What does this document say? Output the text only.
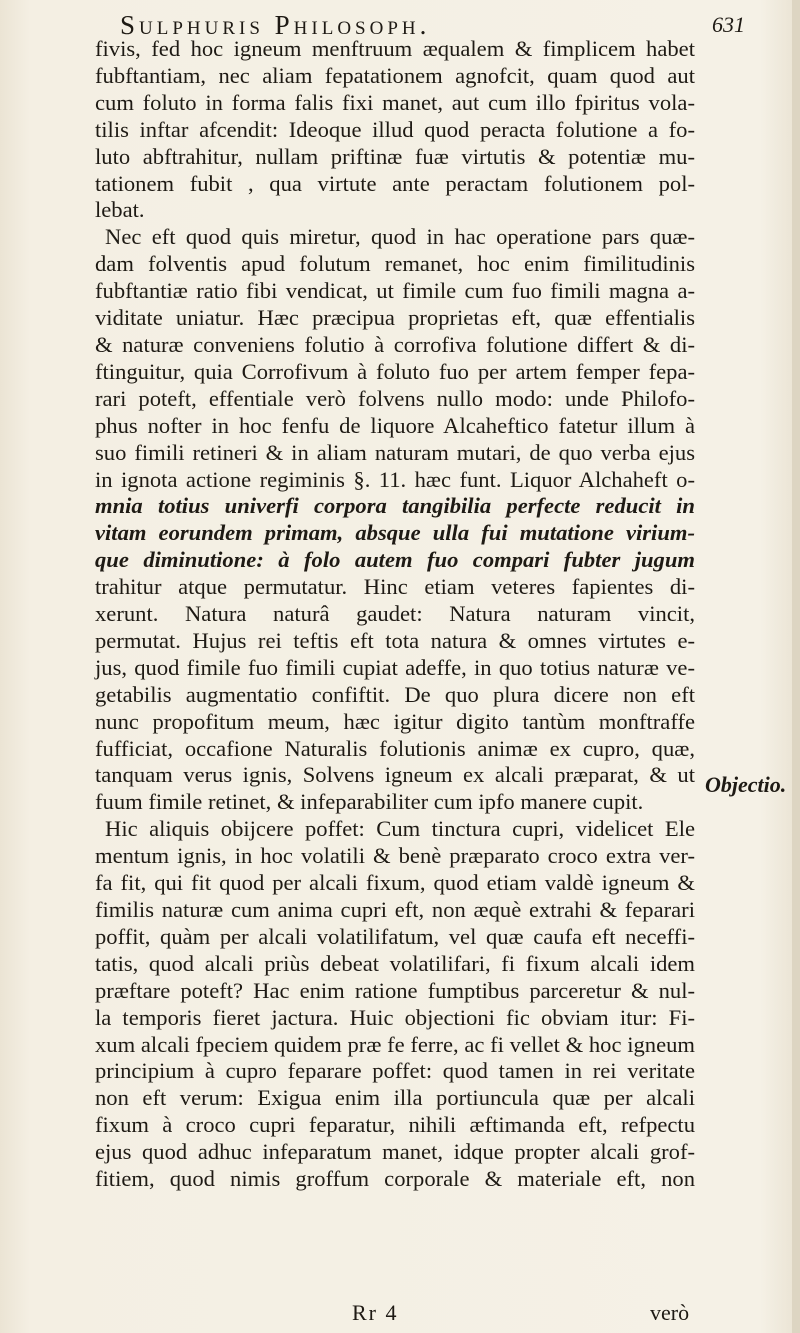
Sulphuris Philosoph.	631
fivis, fed hoc igneum menftruum æqualem & fimplicem habet
fubftantiam, nec aliam fepatationem agnofcit, quam quod aut
cum foluto in forma falis fixi manet, aut cum illo fpiritus vola-
tilis inftar afcendit: Ideoque illud quod peracta folutione a fo-
luto abftrahitur, nullam priftinæ fuæ virtutis & potentiæ mu-
tationem fubit , qua virtute ante peractam folutionem pol-
lebat.
Nec eft quod quis miretur, quod in hac operatione pars quæ-
dam folventis apud folutum remanet, hoc enim fimilitudinis
fubftantiæ ratio fibi vendicat, ut fimile cum fuo fimili magna a-
viditate uniatur. Hæc præcipua proprietas eft, quæ effentialis
& naturæ conveniens folutio à corrofiva folutione differt & di-
ftinguitur, quia Corrofivum à foluto fuo per artem femper fepa-
rari poteft, effentiale verò folvens nullo modo: unde Philofo-
phus nofter in hoc fenfu de liquore Alcaheftico fatetur illum à
suo fimili retineri & in aliam naturam mutari, de quo verba ejus
in ignota actione regiminis §. 11. hæc funt. Liquor Alchaheft o-
mnia totius univerfi corpora tangibilia perfecte reducit in
vitam eorundem primam, absque ulla fui mutatione virium-
que diminutione: à folo autem fuo compari fubter jugum
trahitur atque permutatur. Hinc etiam veteres fapientes di-
xerunt. Natura naturâ gaudet: Natura naturam vincit,
permutat. Hujus rei teftis eft tota natura & omnes virtutes e-
jus, quod fimile fuo fimili cupiat adeffe, in quo totius naturæ ve-
getabilis augmentatio confiftit. De quo plura dicere non eft
nunc propofitum meum, hæc igitur digito tantùm monftraffe
fufficiat, occafione Naturalis folutionis animæ ex cupro, quæ,
tanquam verus ignis, Solvens igneum ex alcali præparat, & ut
fuum fimile retinet, & infeparabiliter cum ipfo manere cupit.
Hic aliquis obijcere poffet: Cum tinctura cupri, videlicet Ele
mentum ignis, in hoc volatili & benè præparato croco extra ver-
fa fit, qui fit quod per alcali fixum, quod etiam valdè igneum &
fimilis naturæ cum anima cupri eft, non æquè extrahi & feparari
poffit, quàm per alcali volatilifatum, vel quæ caufa eft neceffi-
tatis, quod alcali priùs debeat volatilifari, fi fixum alcali idem
præftare poteft? Hac enim ratione fumptibus parceretur & nul-
la temporis fieret jactura. Huic objectioni fic obviam itur: Fi-
xum alcali fpeciem quidem præ fe ferre, ac fi vellet & hoc igneum
principium à cupro feparare poffet: quod tamen in rei veritate
non eft verum: Exigua enim illa portiuncula quæ per alcali
fixum à croco cupri feparatur, nihili æftimanda eft, refpectu
ejus quod adhuc infeparatum manet, idque propter alcali grof-
fitiem, quod nimis groffum corporale & materiale eft, non
Objectio.
Rr 4	verò
